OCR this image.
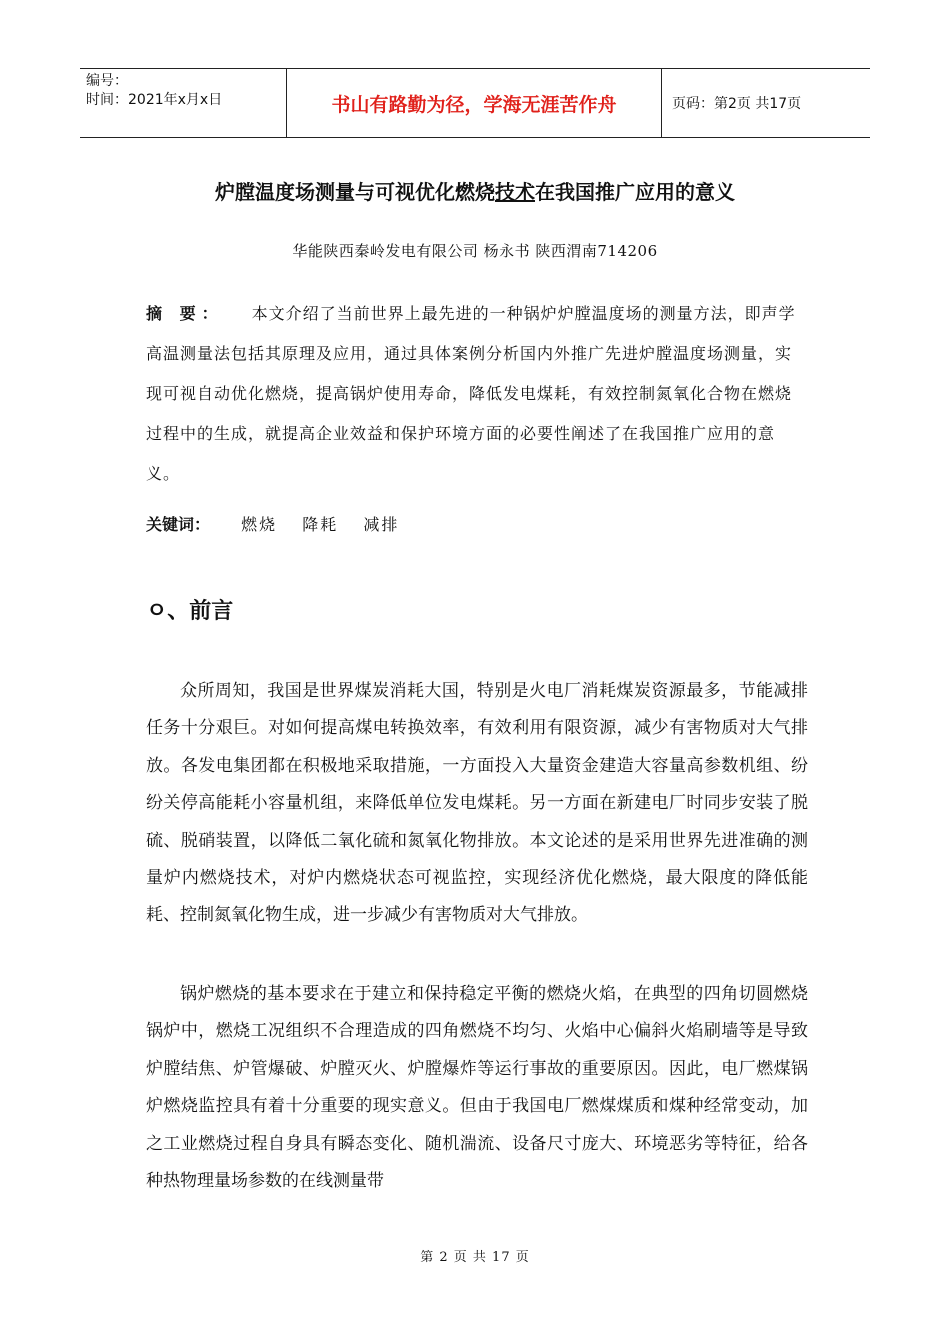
编号：
时间：2021年x月x日	书山有路勤为径，学海无涯苦作舟	页码：第2页 共17页
炉膛温度场测量与可视优化燃烧技术在我国推广应用的意义
华能陕西秦岭发电有限公司 杨永书 陕西渭南714206
摘 要： 本文介绍了当前世界上最先进的一种锅炉炉膛温度场的测量方法，即声学高温测量法包括其原理及应用，通过具体案例分析国内外推广先进炉膛温度场测量，实现可视自动优化燃烧，提高锅炉使用寿命，降低发电煤耗，有效控制氮氧化合物在燃烧过程中的生成，就提高企业效益和保护环境方面的必要性阐述了在我国推广应用的意义。
关键词： 燃烧 降耗 减排
ㅇ、前言

众所周知，我国是世界煤炭消耗大国，特别是火电厂消耗煤炭资源最多，节能减排任务十分艰巨。对如何提高煤电转换效率，有效利用有限资源，减少有害物质对大气排放。各发电集团都在积极地采取措施，一方面投入大量资金建造大容量高参数机组、纷纷关停高能耗小容量机组，来降低单位发电煤耗。另一方面在新建电厂时同步安装了脱硫、脱硝装置，以降低二氧化硫和氮氧化物排放。本文论述的是采用世界先进准确的测量炉内燃烧技术，对炉内燃烧状态可视监控，实现经济优化燃烧，最大限度的降低能耗、控制氮氧化物生成，进一步减少有害物质对大气排放。

锅炉燃烧的基本要求在于建立和保持稳定平衡的燃烧火焰，在典型的四角切圆燃烧锅炉中，燃烧工况组织不合理造成的四角燃烧不均匀、火焰中心偏斜火焰刷墙等是导致炉膛结焦、炉管爆破、炉膛灭火、炉膛爆炸等运行事故的重要原因。因此，电厂燃煤锅炉燃烧监控具有着十分重要的现实意义。但由于我国电厂燃煤煤质和煤种经常变动，加之工业燃烧过程自身具有瞬态变化、随机湍流、设备尺寸庞大、环境恶劣等特征，给各种热物理量场参数的在线测量带

第 2 页 共 17 页
